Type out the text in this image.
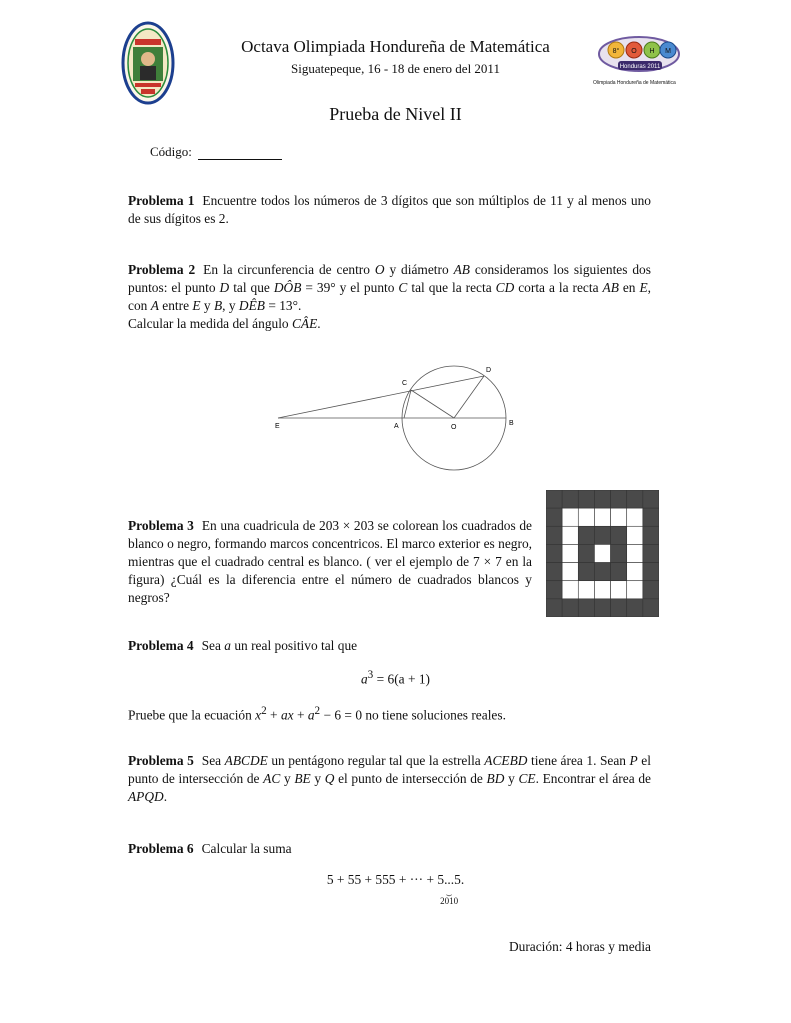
Octava Olimpiada Hondureña de Matemática
Siguatepeque, 16 - 18 de enero del 2011
8° O H M
Honduras 2011
Olimpiada Hondureña de Matemática
Prueba de Nivel II
Código:
Problema 1 Encuentre todos los números de 3 dígitos que son múltiplos de 11 y al menos uno de sus dígitos es 2.
Problema 2 En la circunferencia de centro O y diámetro AB consideramos los siguientes dos puntos: el punto D tal que DÔB = 39° y el punto C tal que la recta CD corta a la recta AB en E, con A entre E y B, y DÊB = 13°.
Calcular la medida del ángulo CÂE.
E	A	O
B
C
D
Problema 3 En una cuadricula de 203 × 203 se colorean los cuadrados de blanco o negro, formando marcos concentricos. El marco exterior es negro, mientras que el cuadrado central es blanco. ( ver el ejemplo de 7 × 7 en la figura) ¿Cuál es la diferencia entre el número de cuadrados blancos y negros?
Problema 4 Sea a un real positivo tal que
$a^3 = 6(a + 1)$
Pruebe que la ecuación $x^2$ + ax + $a^2 - 6 = 0$ no tiene soluciones reales.
Problema 5 Sea ABCDE un pentágono regular tal que la estrella ACEBD tiene área 1. Sean P el punto de intersección de AC y BE y Q el punto de intersección de BD y CE. Encontrar el área de APQD.
Problema 6 Calcular la suma
5 + 55 + 555 + ··· + 5...5
⏟
2010
.
Duración: 4 horas y media
